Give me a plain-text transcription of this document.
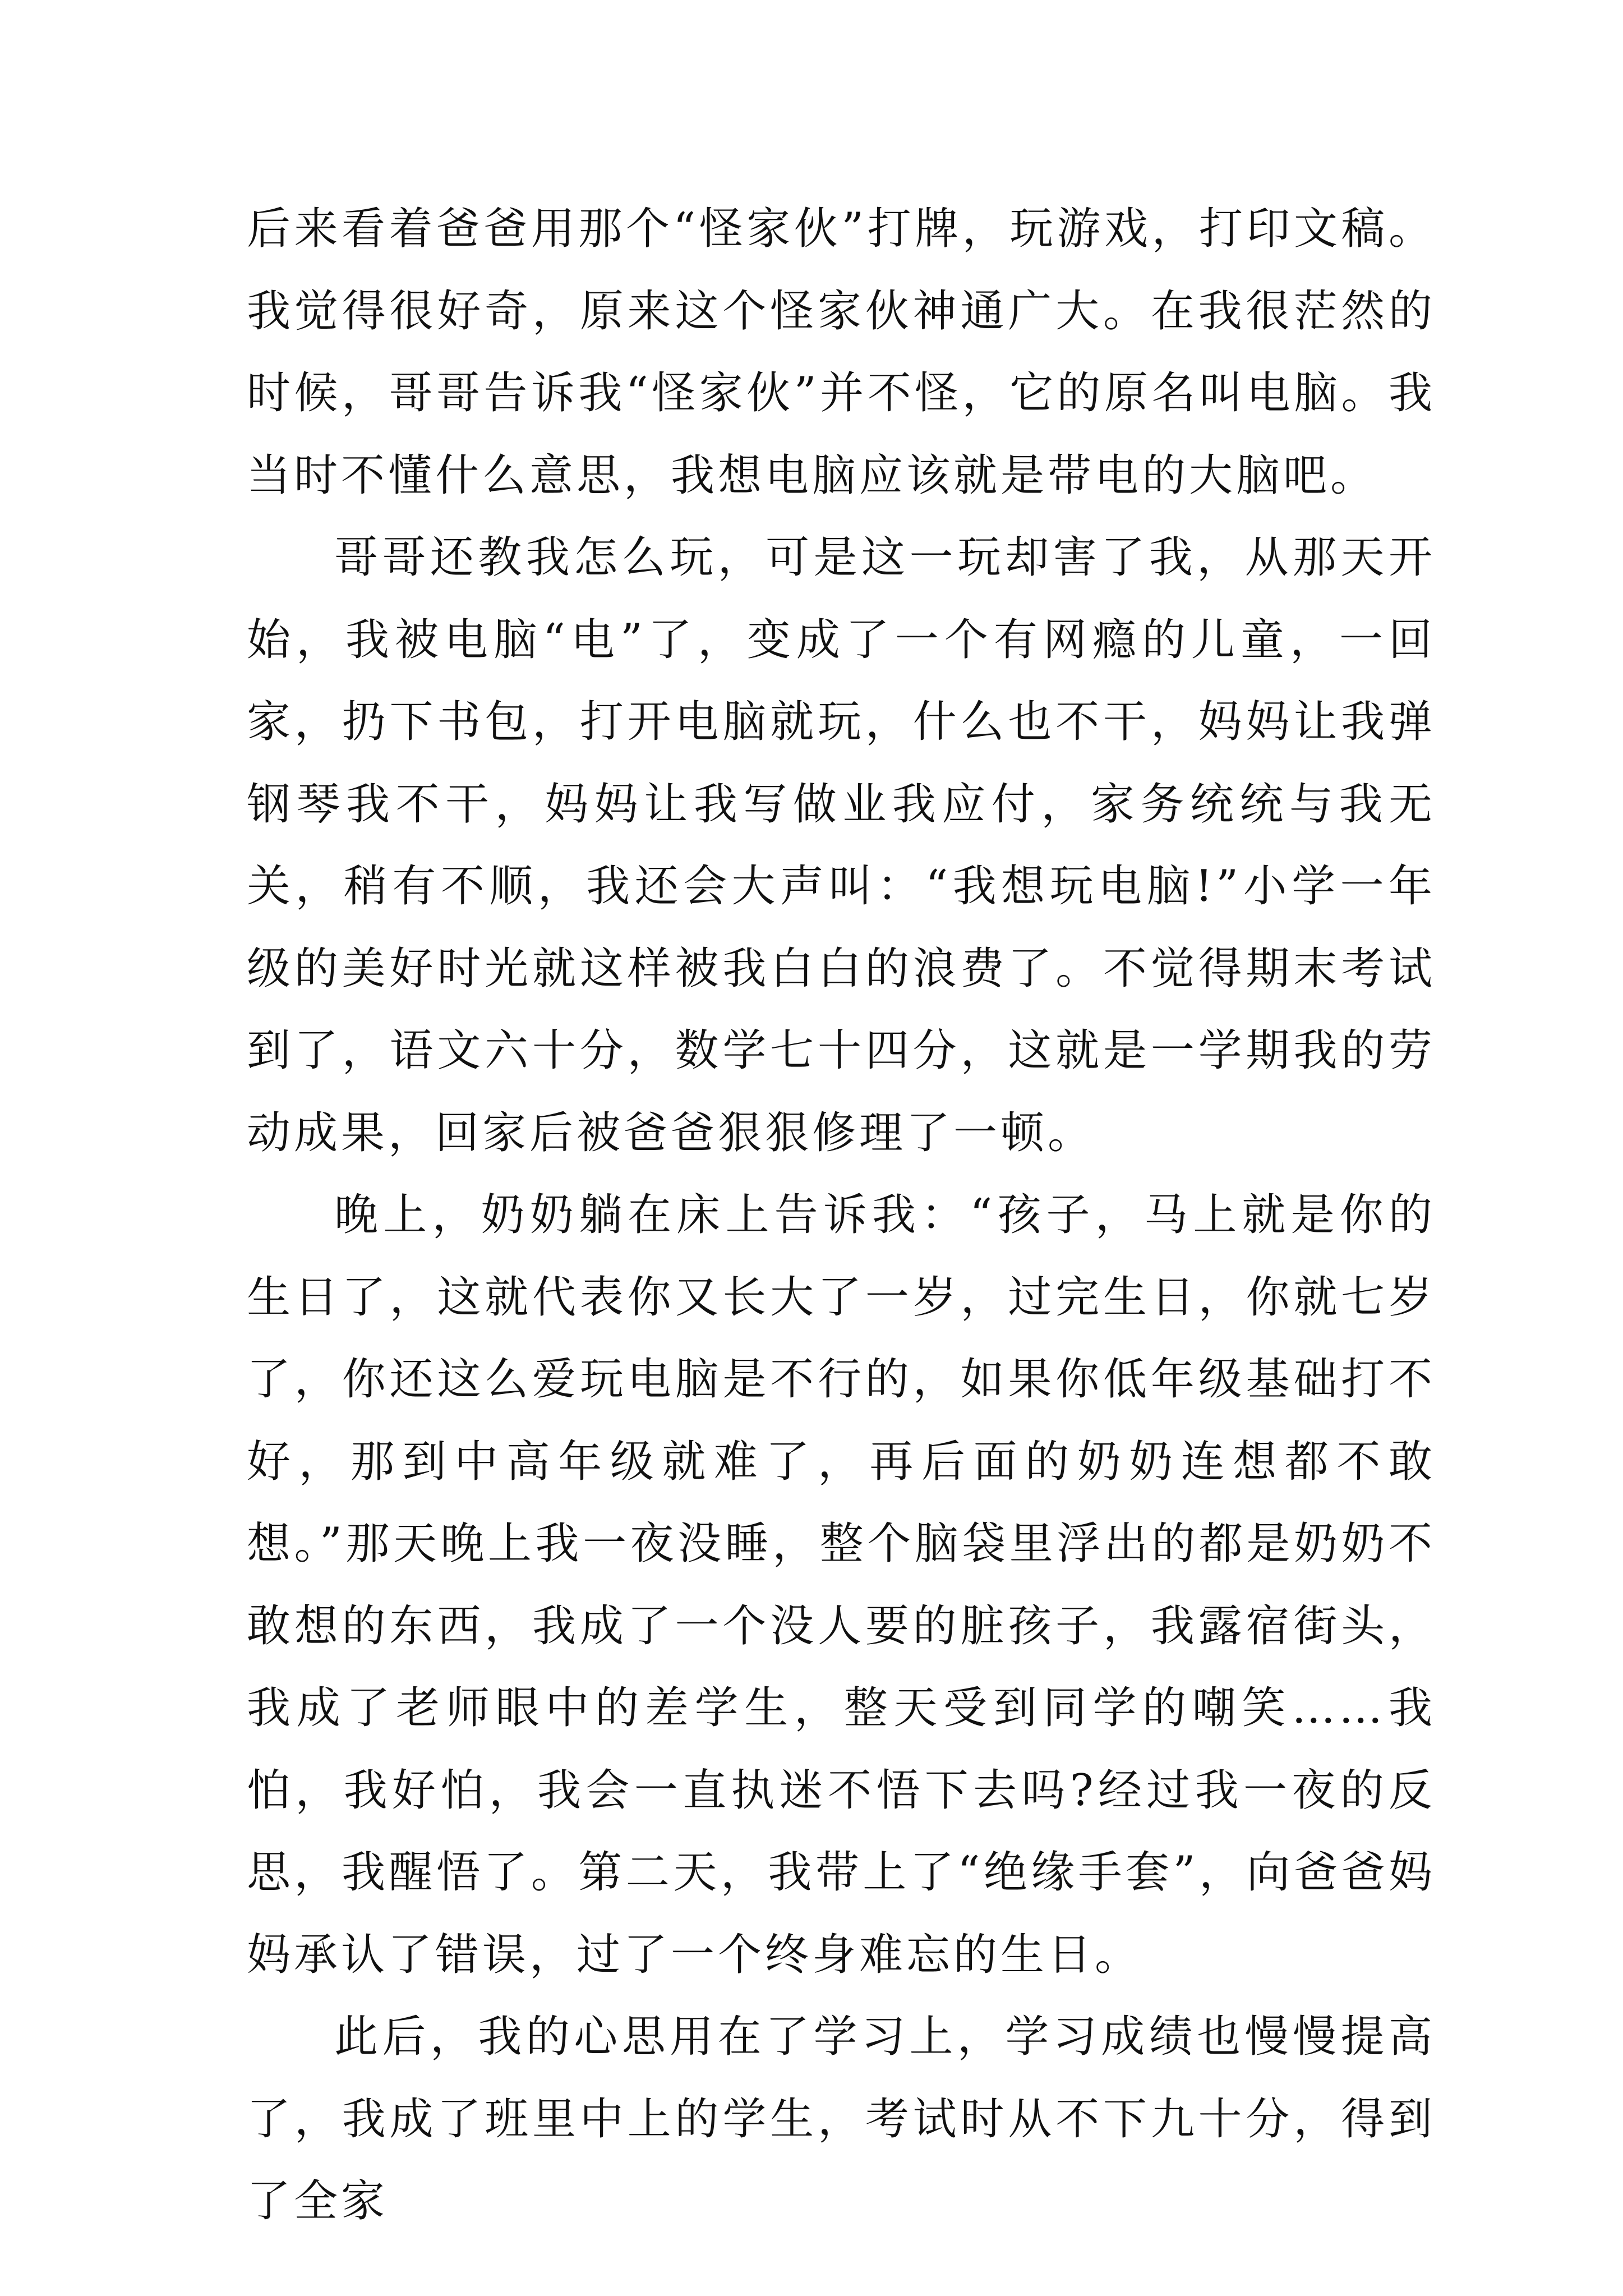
后来看着爸爸用那个“怪家伙”打牌，玩游戏，打印文稿。我觉得很好奇，原来这个怪家伙神通广大。在我很茫然的时候，哥哥告诉我“怪家伙”并不怪，它的原名叫电脑。我当时不懂什么意思，我想电脑应该就是带电的大脑吧。

哥哥还教我怎么玩，可是这一玩却害了我，从那天开始，我被电脑“电”了，变成了一个有网瘾的儿童，一回家，扔下书包，打开电脑就玩，什么也不干，妈妈让我弹钢琴我不干，妈妈让我写做业我应付，家务统统与我无关，稍有不顺，我还会大声叫：“我想玩电脑!”小学一年级的美好时光就这样被我白白的浪费了。不觉得期末考试到了，语文六十分，数学七十四分，这就是一学期我的劳动成果，回家后被爸爸狠狠修理了一顿。

晚上，奶奶躺在床上告诉我：“孩子，马上就是你的生日了，这就代表你又长大了一岁，过完生日，你就七岁了，你还这么爱玩电脑是不行的，如果你低年级基础打不好，那到中高年级就难了，再后面的奶奶连想都不敢想。”那天晚上我一夜没睡，整个脑袋里浮出的都是奶奶不敢想的东西，我成了一个没人要的脏孩子，我露宿街头，我成了老师眼中的差学生，整天受到同学的嘲笑……我怕，我好怕，我会一直执迷不悟下去吗?经过我一夜的反思，我醒悟了。第二天，我带上了“绝缘手套”，向爸爸妈妈承认了错误，过了一个终身难忘的生日。

此后，我的心思用在了学习上，学习成绩也慢慢提高了，我成了班里中上的学生，考试时从不下九十分，得到了全家
